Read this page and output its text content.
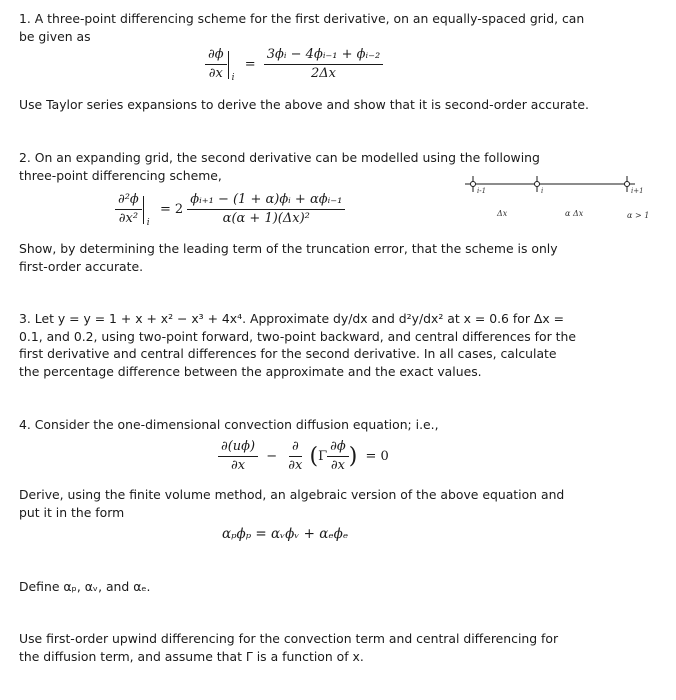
1. A three-point differencing scheme for the first derivative, on an equally-spaced grid, can be given as

$\frac{\partial\phi}{\partial x}$ i
= $\frac{\text{3ϕᵢ − 4ϕᵢ₋₁ + ϕᵢ₋₂}}{2\Delta x}$

Use Taylor series expansions to derive the above and show that it is second-order accurate.

2. On an expanding grid, the second derivative can be modelled using the following three-point differencing scheme,

$\frac{\text{∂²ϕ}}{\text{∂x²}}$ i
= $2 \frac{\text{ϕᵢ₊₁ − (1 + α)ϕᵢ + αϕᵢ₋₁}}{\text{α(α + 1)(Δx)²}}$
i-1	i	i+1
Δx	α Δx	α > 1

Show, by determining the leading term of the truncation error, that the scheme is only first-order accurate.

3. Let y = y = 1 + x + x² − x³ + 4x⁴. Approximate dy/dx and d²y/dx² at x = 0.6 for Δx = 0.1, and 0.2, using two-point forward, two-point backward, and central differences for the first derivative and central differences for the second derivative. In all cases, calculate the percentage difference between the approximate and the exact values.

4. Consider the one-dimensional convection diffusion equation; i.e.,

$\frac{\partial(u\phi)}{\partial x} - \frac{\partial}{\partial x} (\Gamma \frac{\partial\phi}{\partial x}$ ) = 0

Derive, using the finite volume method, an algebraic version of the above equation and put it in the form

αₚϕₚ = αᵥϕᵥ + αₑϕₑ

Define αₚ, αᵥ, and αₑ.

Use first-order upwind differencing for the convection term and central differencing for the diffusion term, and assume that Γ is a function of x.
